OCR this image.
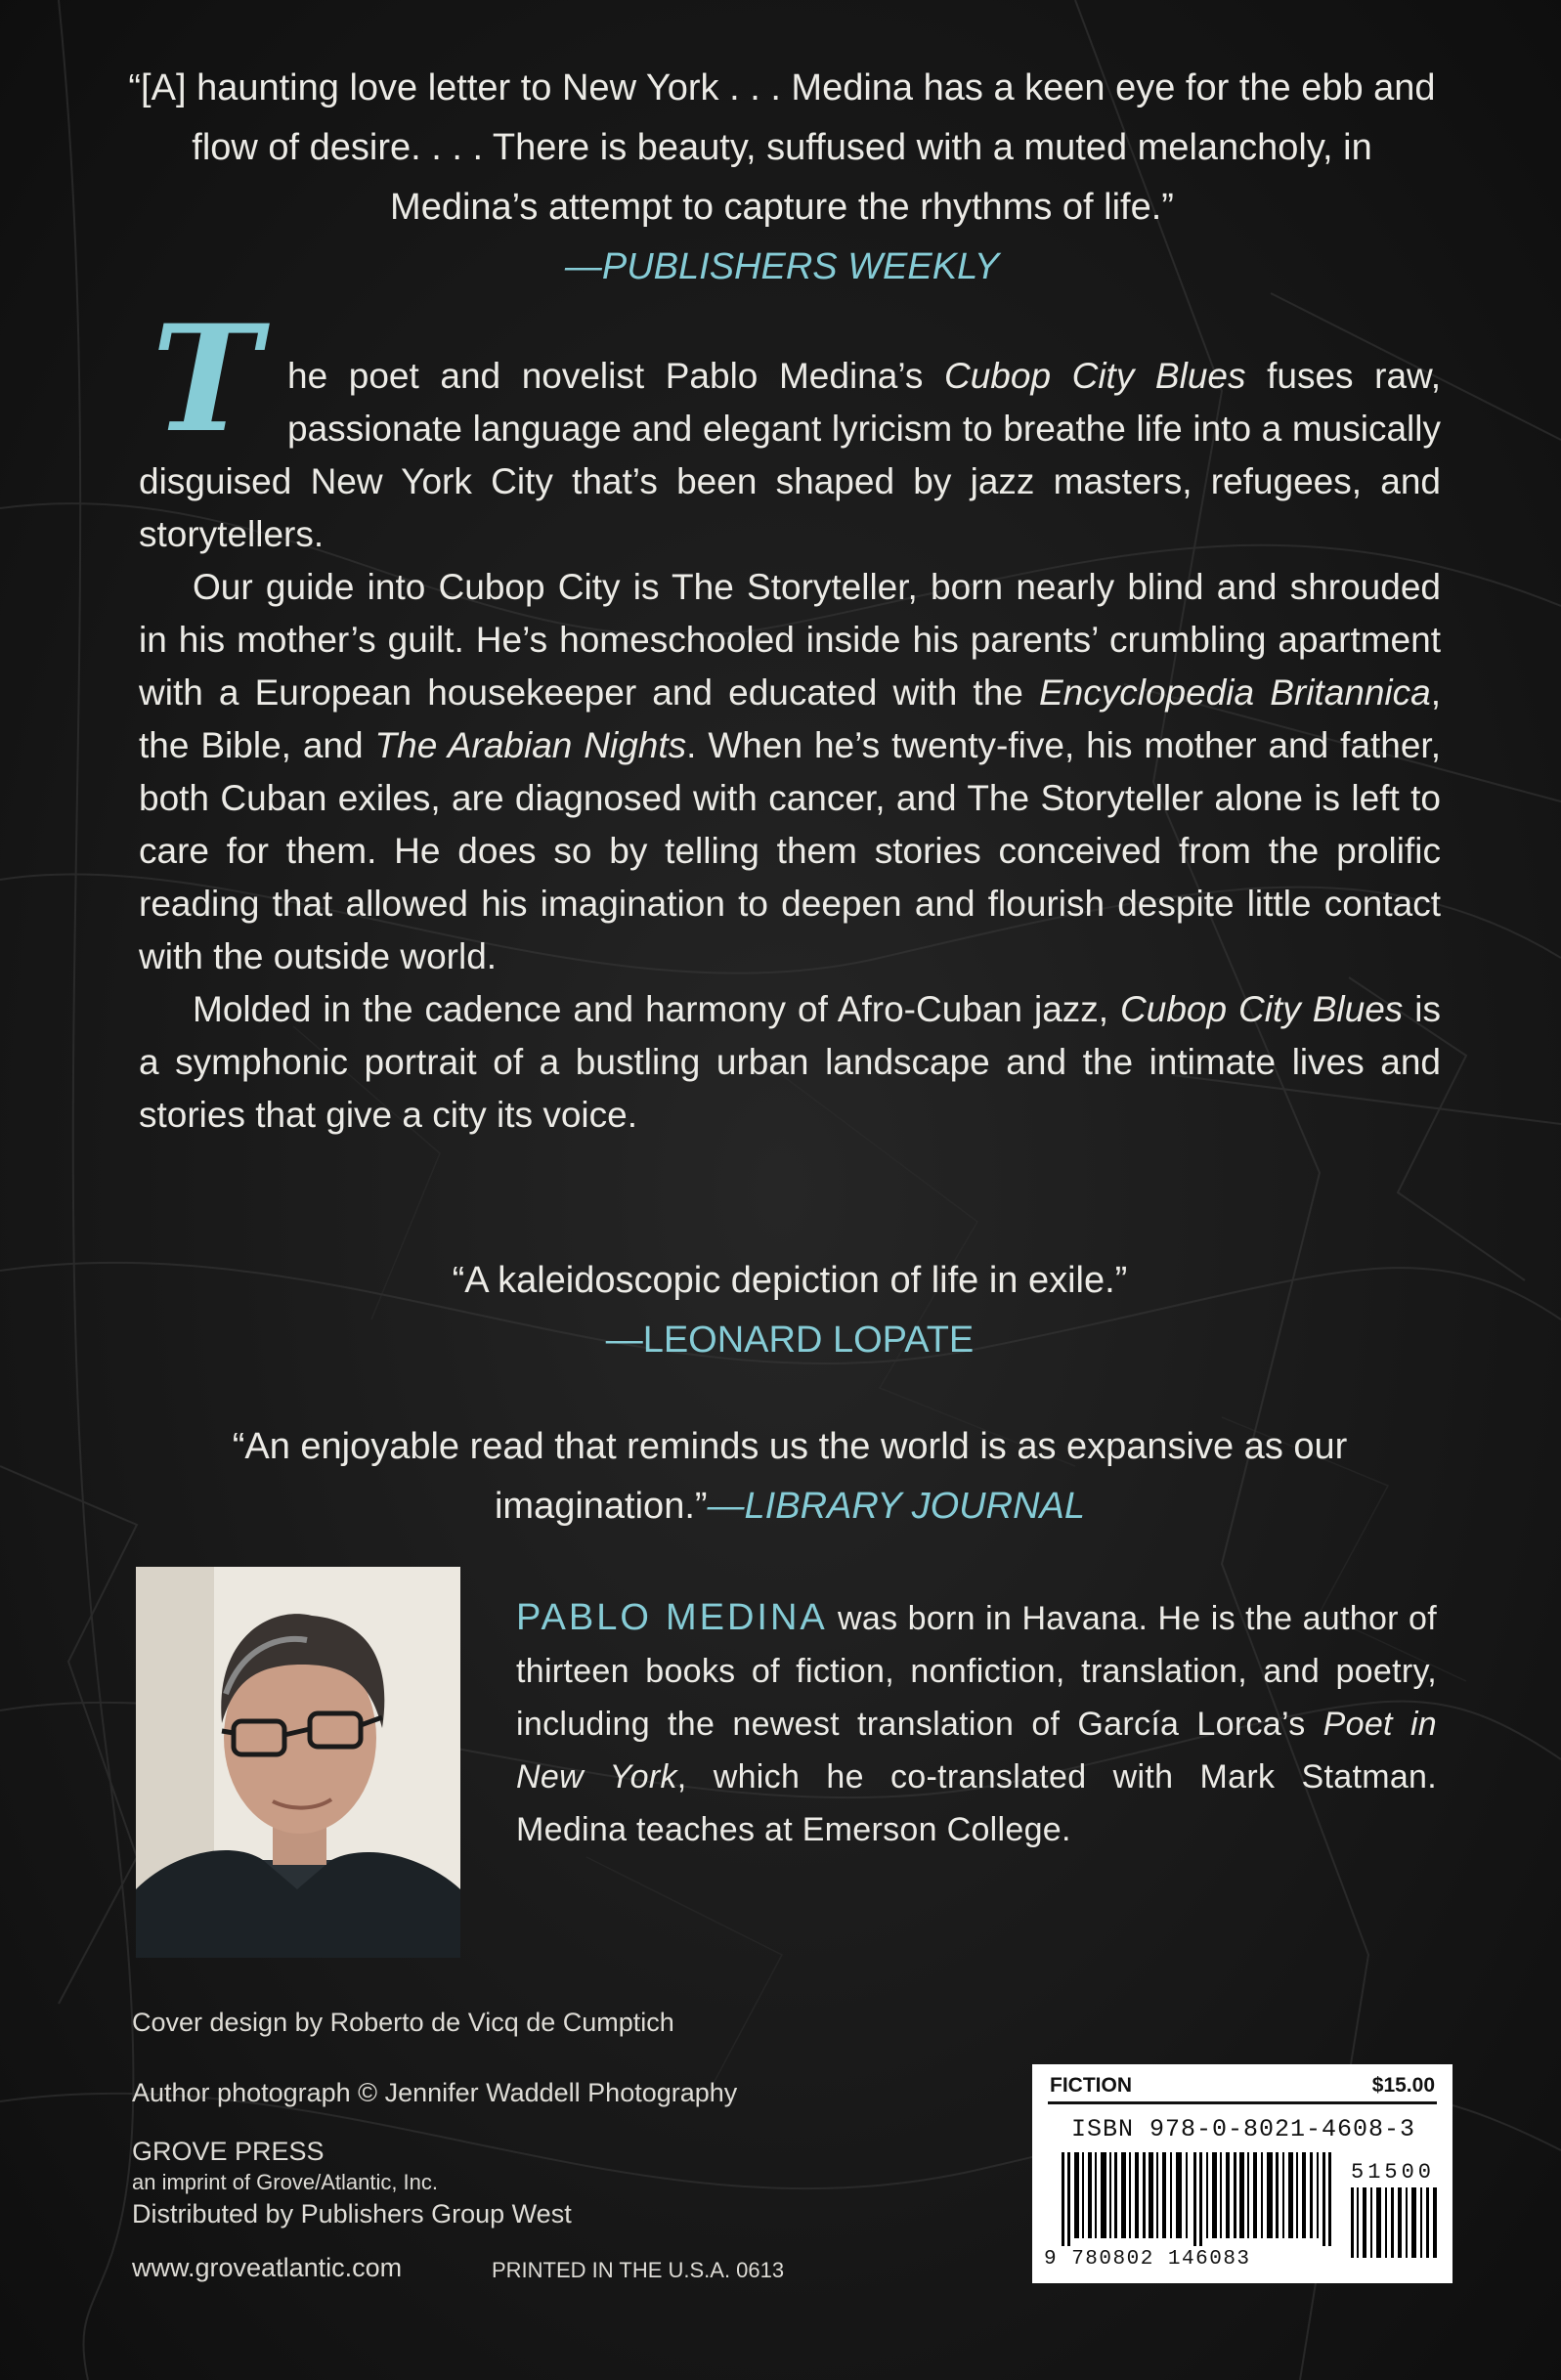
“[A] haunting love letter to New York . . . Medina has a keen eye for the ebb and flow of desire. . . . There is beauty, suffused with a muted melancholy, in Medina’s attempt to capture the rhythms of life.”
—PUBLISHERS WEEKLY

T he poet and novelist Pablo Medina’s Cubop City Blues fuses raw, passionate language and elegant lyricism to breathe life into a musically disguised New York City that’s been shaped by jazz masters, refugees, and storytellers.

Our guide into Cubop City is The Storyteller, born nearly blind and shrouded in his mother’s guilt. He’s homeschooled inside his parents’ crumbling apartment with a European housekeeper and educated with the Encyclopedia Britannica, the Bible, and The Arabian Nights. When he’s twenty-five, his mother and father, both Cuban exiles, are diagnosed with cancer, and The Storyteller alone is left to care for them. He does so by telling them stories conceived from the prolific reading that allowed his imagination to deepen and flourish despite little contact with the outside world.

Molded in the cadence and harmony of Afro-Cuban jazz, Cubop City Blues is a symphonic portrait of a bustling urban landscape and the intimate lives and stories that give a city its voice.

“A kaleidoscopic depiction of life in exile.”
—LEONARD LOPATE
“An enjoyable read that reminds us the world is as expansive as our imagination.”—LIBRARY JOURNAL
PABLO MEDINA was born in Havana. He is the author of thirteen books of fiction, nonfiction, translation, and poetry, including the newest translation of García Lorca’s Poet in New York, which he co-translated with Mark Statman. Medina teaches at Emerson College.
Cover design by Roberto de Vicq de Cumptich
Author photograph © Jennifer Waddell Photography
GROVE PRESS
an imprint of Grove/Atlantic, Inc.
Distributed by Publishers Group West
www.groveatlantic.com	PRINTED IN THE U.S.A. 0613
FICTION	$15.00
ISBN 978-0-8021-4608-3
51500
9 780802 146083
